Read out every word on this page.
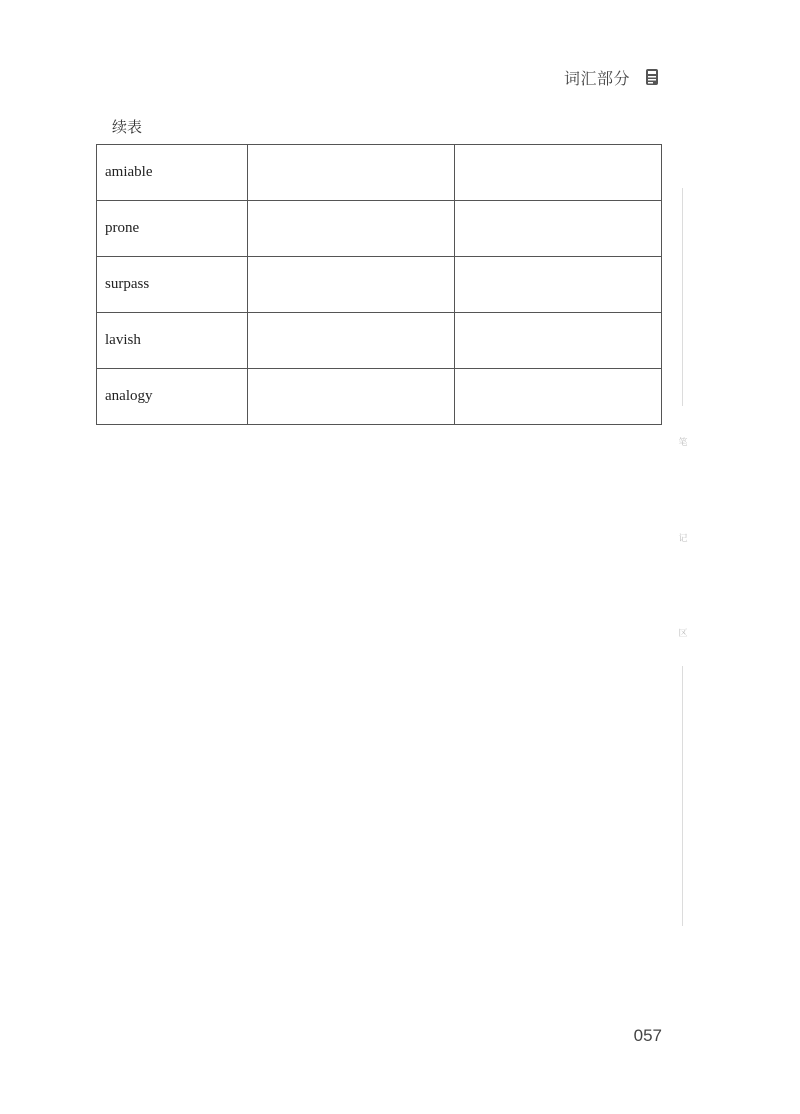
词汇部分
续表
amiable		
prone		
surpass		
lavish		
analogy		
笔
记
区
057
